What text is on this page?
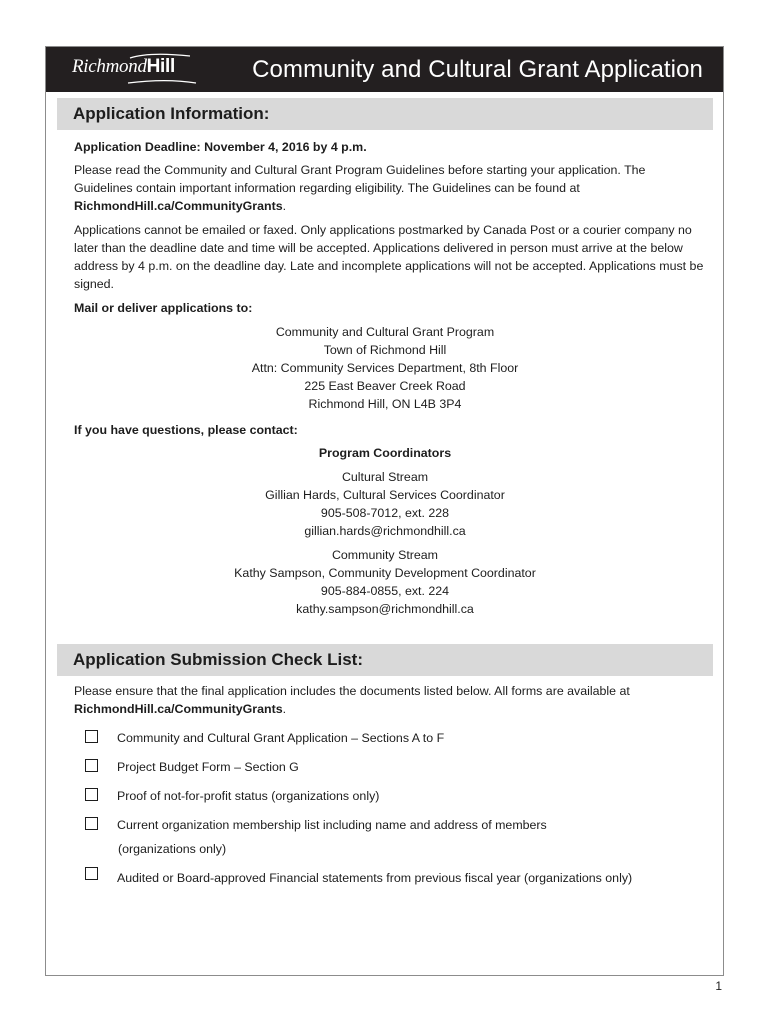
RichmondHill	Community and Cultural Grant Application
Application Information:

Application Deadline: November 4, 2016 by 4 p.m.

Please read the Community and Cultural Grant Program Guidelines before starting your application. The Guidelines contain important information regarding eligibility. The Guidelines can be found at RichmondHill.ca/CommunityGrants.

Applications cannot be emailed or faxed. Only applications postmarked by Canada Post or a courier company no later than the deadline date and time will be accepted. Applications delivered in person must arrive at the below address by 4 p.m. on the deadline day. Late and incomplete applications will not be accepted. Applications must be signed.

Mail or deliver applications to:

Community and Cultural Grant Program
Town of Richmond Hill
Attn: Community Services Department, 8th Floor
225 East Beaver Creek Road
Richmond Hill, ON L4B 3P4

If you have questions, please contact:

Program Coordinators
Cultural Stream
Gillian Hards, Cultural Services Coordinator
905-508-7012, ext. 228
gillian.hards@richmondhill.ca
Community Stream
Kathy Sampson, Community Development Coordinator
905-884-0855, ext. 224
kathy.sampson@richmondhill.ca
Application Submission Check List:

Please ensure that the final application includes the documents listed below. All forms are available at RichmondHill.ca/CommunityGrants.

Community and Cultural Grant Application – Sections A to F
Project Budget Form – Section G
Proof of not-for-profit status (organizations only)
Current organization membership list including name and address of members
(organizations only)
Audited or Board-approved Financial statements from previous fiscal year (organizations only)
1
